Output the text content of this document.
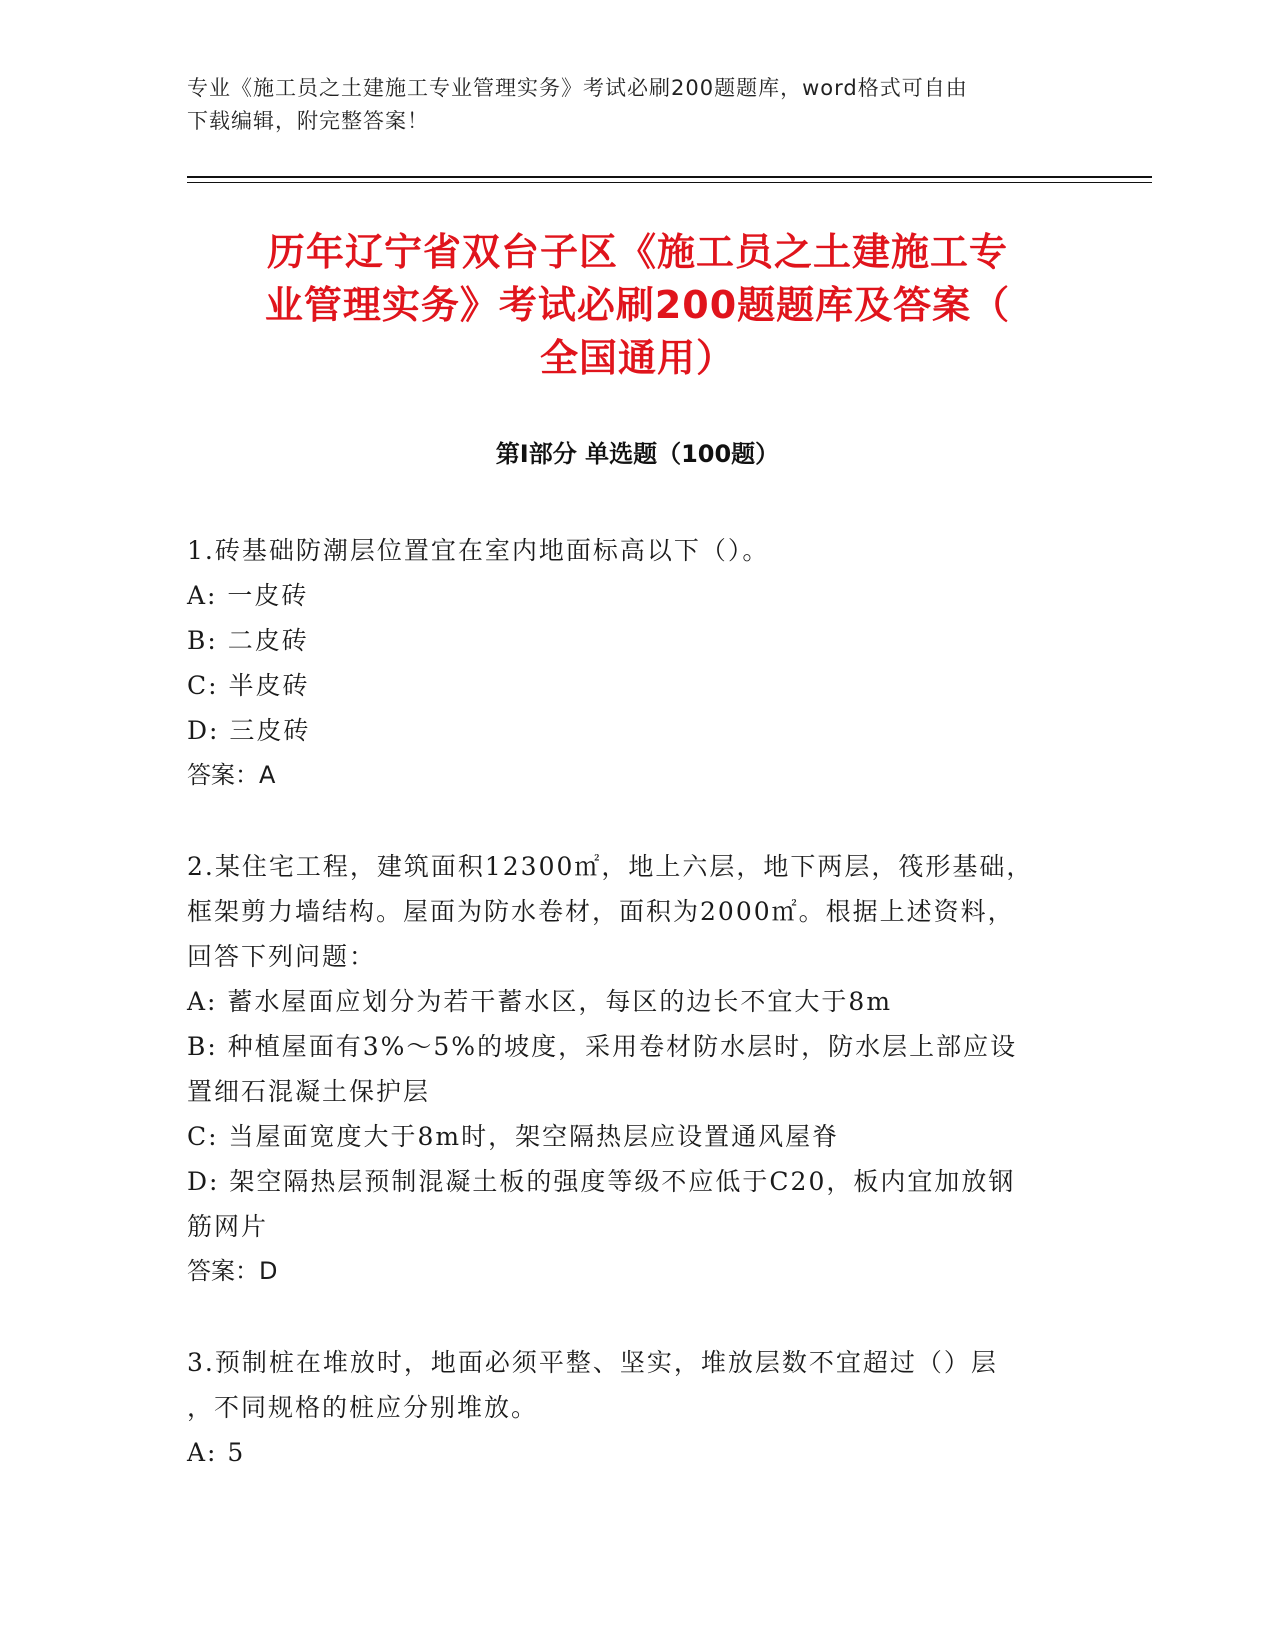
专业《施工员之土建施工专业管理实务》考试必刷200题题库，word格式可自由
下载编辑，附完整答案！
历年辽宁省双台子区《施工员之土建施工专
业管理实务》考试必刷200题题库及答案（
全国通用）
第Ⅰ部分 单选题（100题）

1.砖基础防潮层位置宜在室内地面标高以下（）。

A: 一皮砖

B: 二皮砖

C: 半皮砖

D: 三皮砖

答案：A

2.某住宅工程，建筑面积12300㎡，地上六层，地下两层，筏形基础，

框架剪力墙结构。屋面为防水卷材，面积为2000㎡。根据上述资料，

回答下列问题：

A: 蓄水屋面应划分为若干蓄水区，每区的边长不宜大于8m

B: 种植屋面有3%～5%的坡度，采用卷材防水层时，防水层上部应设

置细石混凝土保护层

C: 当屋面宽度大于8m时，架空隔热层应设置通风屋脊

D: 架空隔热层预制混凝土板的强度等级不应低于C20，板内宜加放钢

筋网片

答案：D

3.预制桩在堆放时，地面必须平整、坚实，堆放层数不宜超过（）层

，不同规格的桩应分别堆放。

A: 5
